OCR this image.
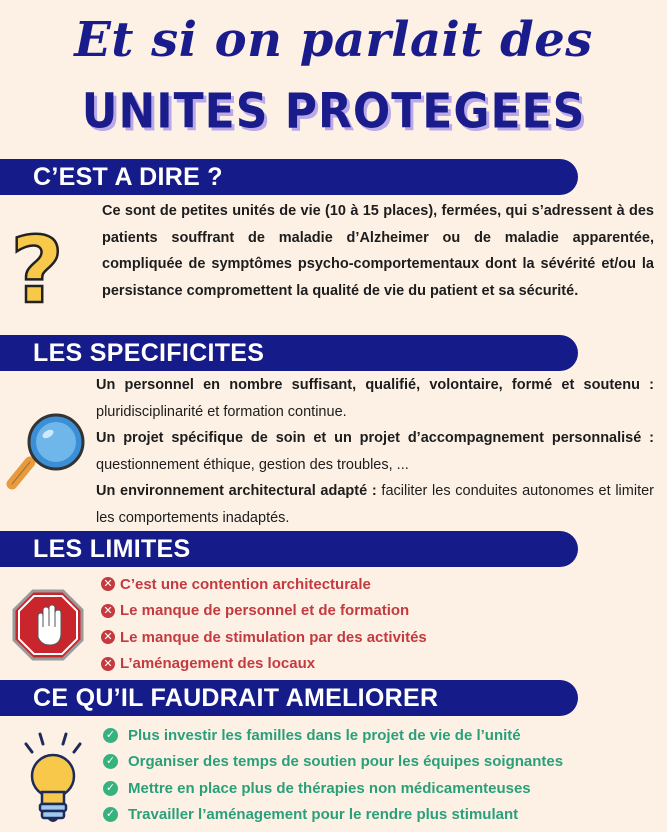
Et si on parlait des
UNITES PROTEGEES
C’EST A DIRE ?
?
Ce sont de petites unités de vie (10 à 15 places), fermées, qui s’adressent à des patients souffrant de maladie d’Alzheimer ou de maladie apparentée, compliquée de symptômes psycho-comportementaux dont la sévérité et/ou la persistance compromettent la qualité de vie du patient et sa sécurité.
LES SPECIFICITES
Un personnel en nombre suffisant, qualifié, volontaire, formé et soutenu : pluridisciplinarité et formation continue.
Un projet spécifique de soin et un projet d’accompagnement personnalisé : questionnement éthique, gestion des troubles, ...
Un environnement architectural adapté : faciliter les conduites autonomes et limiter les comportements inadaptés.
LES LIMITES
✕ C’est une contention architecturale
✕ Le manque de personnel et de formation
✕ Le manque de stimulation par des activités
✕ L’aménagement des locaux
CE QU’IL FAUDRAIT AMELIORER
✓ Plus investir les familles dans le projet de vie de l’unité
✓ Organiser des temps de soutien pour les équipes soignantes
✓ Mettre en place plus de thérapies non médicamenteuses
✓ Travailler l’aménagement pour le rendre plus stimulant
